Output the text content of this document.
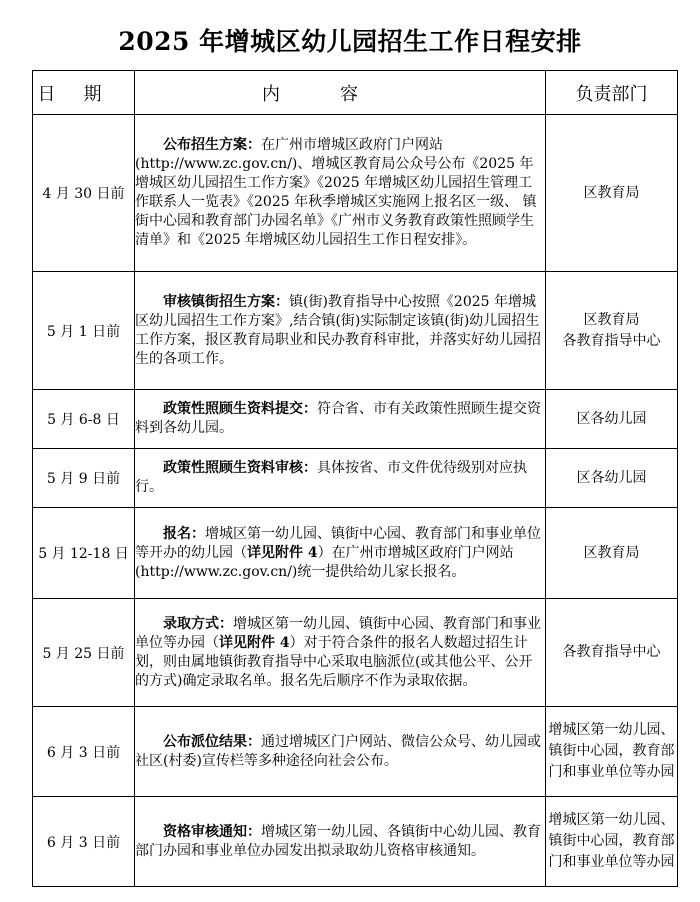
2025 年增城区幼儿园招生工作日程安排
日期	内容	负责部门
4 月 30 日前	公布招生方案：在广州市增城区政府门户网站(http://www.zc.gov.cn/)、增城区教育局公众号公布《2025 年增城区幼儿园招生工作方案》《2025 年增城区幼儿园招生管理工作联系人一览表》《2025 年秋季增城区实施网上报名区一级、 镇街中心园和教育部门办园名单》《广州市义务教育政策性照顾学生清单》和《2025 年增城区幼儿园招生工作日程安排》。	区教育局

5 月 1 日前	审核镇街招生方案：镇(街)教育指导中心按照《2025 年增城区幼儿园招生工作方案》,结合镇(街)实际制定该镇(街)幼儿园招生工作方案，报区教育局职业和民办教育科审批，并落实好幼儿园招生的各项工作。	区教育局
各教育指导中心

5 月 6-8 日	政策性照顾生资料提交：符合省、市有关政策性照顾生提交资料到各幼儿园。	区各幼儿园

5 月 9 日前	政策性照顾生资料审核：具体按省、市文件优待级别对应执行。	区各幼儿园

5 月 12-18 日	报名：增城区第一幼儿园、镇街中心园、教育部门和事业单位等开办的幼儿园（详见附件 4）在广州市增城区政府门户网站(http://www.zc.gov.cn/)统一提供给幼儿家长报名。	区教育局

5 月 25 日前	录取方式：增城区第一幼儿园、镇街中心园、教育部门和事业单位等办园（详见附件 4）对于符合条件的报名人数超过招生计划，则由属地镇街教育指导中心采取电脑派位(或其他公平、公开的方式)确定录取名单。报名先后顺序不作为录取依据。	各教育指导中心

6 月 3 日前	公布派位结果：通过增城区门户网站、微信公众号、幼儿园或社区(村委)宣传栏等多种途径向社会公布。	增城区第一幼儿园、镇街中心园，教育部门和事业单位等办园

6 月 3 日前	资格审核通知：增城区第一幼儿园、各镇街中心幼儿园、教育部门办园和事业单位办园发出拟录取幼儿资格审核通知。	增城区第一幼儿园、镇街中心园，教育部门和事业单位等办园
